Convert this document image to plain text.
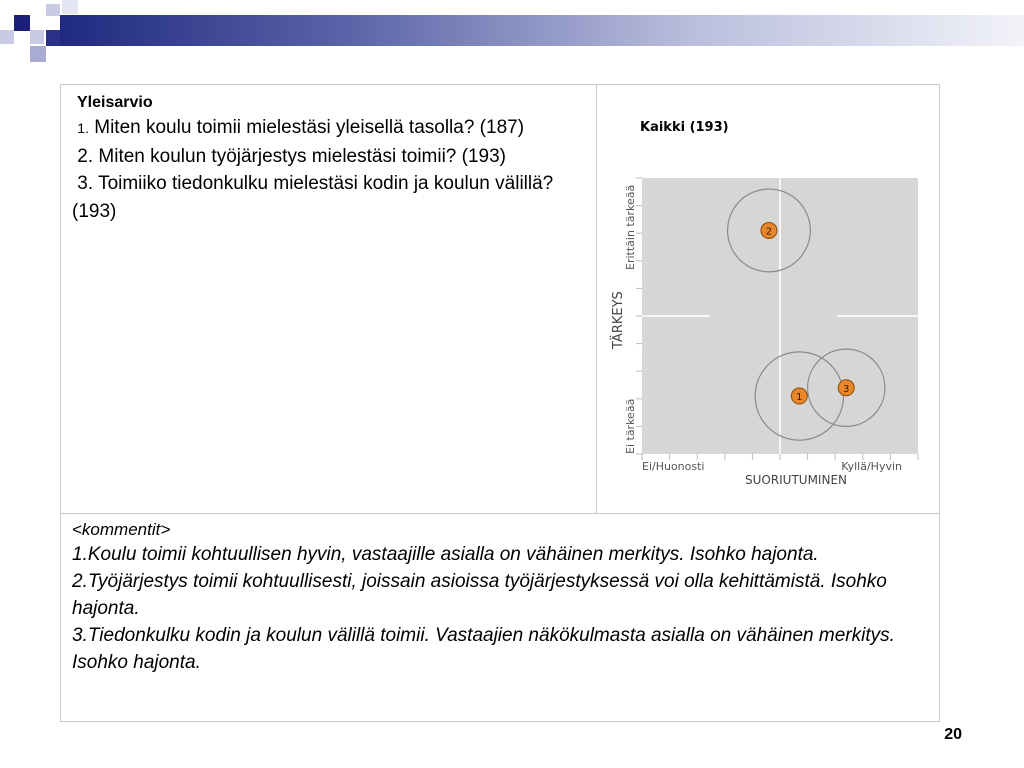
Yleisarvio
1. Miten koulu toimii mielestäsi yleisellä tasolla? (187)
2. Miten koulun työjärjestys mielestäsi toimii? (193)
3. Toimiiko tiedonkulku mielestäsi kodin ja koulun välillä? (193)
Kaikki (193)
1
2
3
Ei/Huonosti	Kyllä/Hyvin
SUORIUTUMINEN
Ei tärkeää
Erittäin tärkeää
TÄRKEYS
<kommentit>
1.Koulu toimii kohtuullisen hyvin, vastaajille asialla on vähäinen merkitys. Isohko hajonta.
2.Työjärjestys toimii kohtuullisesti, joissain asioissa työjärjestyksessä voi olla kehittämistä. Isohko hajonta.
3.Tiedonkulku kodin ja koulun välillä toimii. Vastaajien näkökulmasta asialla on vähäinen merkitys. Isohko hajonta.
20
